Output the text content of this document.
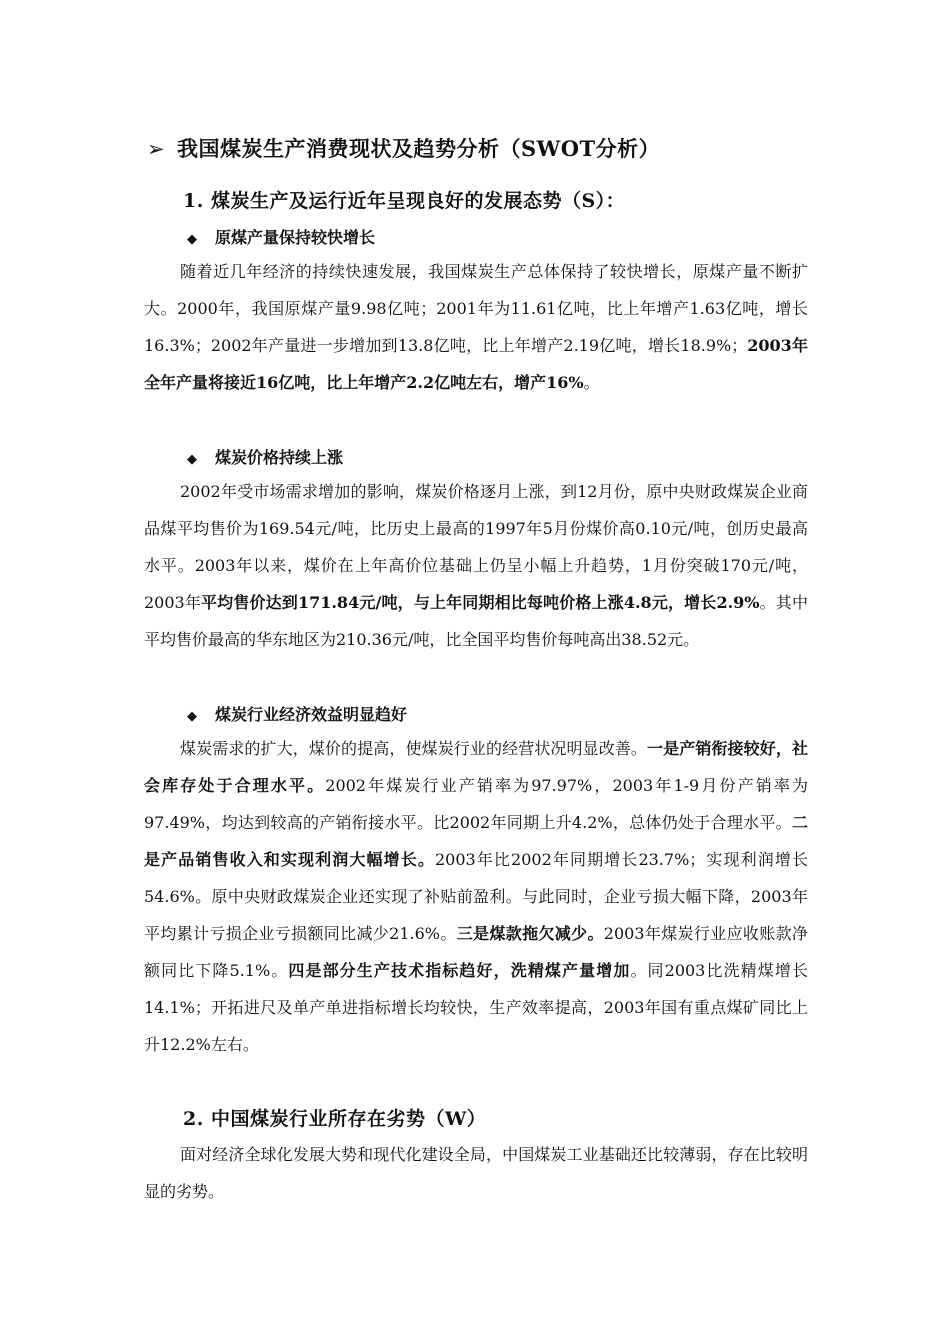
➢ 我国煤炭生产消费现状及趋势分析（SWOT分析）
1. 煤炭生产及运行近年呈现良好的发展态势（S）：
◆ 原煤产量保持较快增长
随着近几年经济的持续快速发展，我国煤炭生产总体保持了较快增长，原煤产量不断扩大。2000年，我国原煤产量9.98亿吨；2001年为11.61亿吨，比上年增产1.63亿吨，增长16.3%；2002年产量进一步增加到13.8亿吨，比上年增产2.19亿吨，增长18.9%；2003年全年产量将接近16亿吨，比上年增产2.2亿吨左右，增产16%。
◆ 煤炭价格持续上涨
2002年受市场需求增加的影响，煤炭价格逐月上涨，到12月份，原中央财政煤炭企业商品煤平均售价为169.54元/吨，比历史上最高的1997年5月份煤价高0.10元/吨，创历史最高水平。2003年以来，煤价在上年高价位基础上仍呈小幅上升趋势，1月份突破170元/吨，2003年平均售价达到171.84元/吨，与上年同期相比每吨价格上涨4.8元，增长2.9%。其中平均售价最高的华东地区为210.36元/吨，比全国平均售价每吨高出38.52元。
◆ 煤炭行业经济效益明显趋好
煤炭需求的扩大，煤价的提高，使煤炭行业的经营状况明显改善。一是产销衔接较好，社会库存处于合理水平。2002年煤炭行业产销率为97.97%，2003年1-9月份产销率为97.49%，均达到较高的产销衔接水平。比2002年同期上升4.2%，总体仍处于合理水平。二是产品销售收入和实现利润大幅增长。2003年比2002年同期增长23.7%；实现利润增长54.6%。原中央财政煤炭企业还实现了补贴前盈利。与此同时，企业亏损大幅下降，2003年平均累计亏损企业亏损额同比减少21.6%。三是煤款拖欠减少。2003年煤炭行业应收账款净额同比下降5.1%。四是部分生产技术指标趋好，洗精煤产量增加。同2003比洗精煤增长14.1%；开拓进尺及单产单进指标增长均较快，生产效率提高，2003年国有重点煤矿同比上升12.2%左右。
2. 中国煤炭行业所存在劣势（W）
面对经济全球化发展大势和现代化建设全局，中国煤炭工业基础还比较薄弱，存在比较明显的劣势。
